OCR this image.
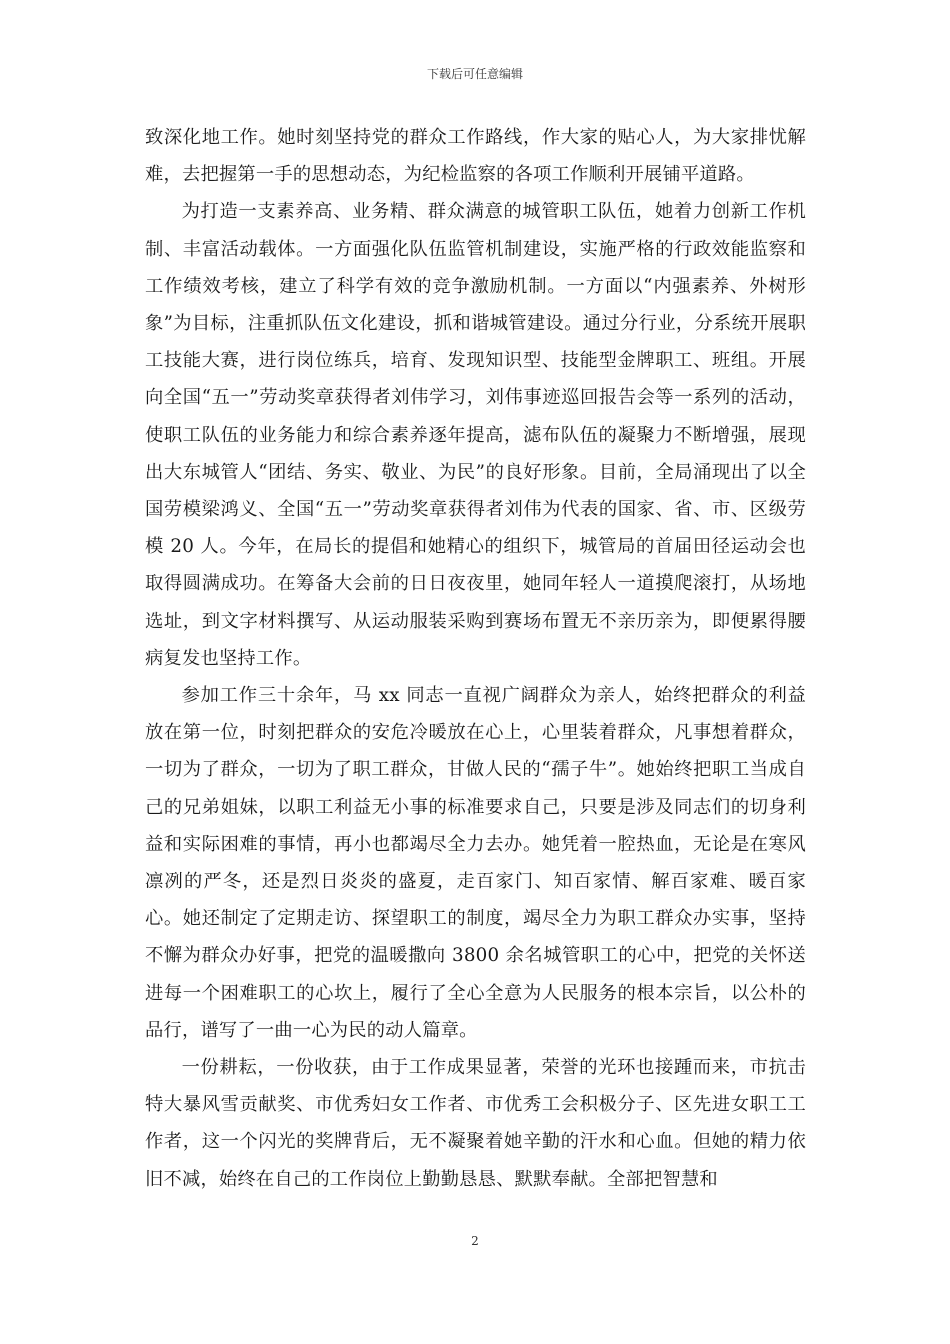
下载后可任意编辑

致深化地工作。她时刻坚持党的群众工作路线，作大家的贴心人，为大家排忧解难，去把握第一手的思想动态，为纪检监察的各项工作顺利开展铺平道路。

为打造一支素养高、业务精、群众满意的城管职工队伍，她着力创新工作机制、丰富活动载体。一方面强化队伍监管机制建设，实施严格的行政效能监察和工作绩效考核，建立了科学有效的竞争激励机制。一方面以“内强素养、外树形象”为目标，注重抓队伍文化建设，抓和谐城管建设。通过分行业，分系统开展职工技能大赛，进行岗位练兵，培育、发现知识型、技能型金牌职工、班组。开展向全国“五一”劳动奖章获得者刘伟学习，刘伟事迹巡回报告会等一系列的活动，使职工队伍的业务能力和综合素养逐年提高，滤布队伍的凝聚力不断增强，展现出大东城管人“团结、务实、敬业、为民”的良好形象。目前，全局涌现出了以全国劳模梁鸿义、全国“五一”劳动奖章获得者刘伟为代表的国家、省、市、区级劳模 20 人。今年，在局长的提倡和她精心的组织下，城管局的首届田径运动会也取得圆满成功。在筹备大会前的日日夜夜里，她同年轻人一道摸爬滚打，从场地选址，到文字材料撰写、从运动服装采购到赛场布置无不亲历亲为，即便累得腰病复发也坚持工作。

参加工作三十余年，马 xx 同志一直视广阔群众为亲人，始终把群众的利益放在第一位，时刻把群众的安危冷暖放在心上，心里装着群众，凡事想着群众，一切为了群众，一切为了职工群众，甘做人民的“孺子牛”。她始终把职工当成自己的兄弟姐妹，以职工利益无小事的标准要求自己，只要是涉及同志们的切身利益和实际困难的事情，再小也都竭尽全力去办。她凭着一腔热血，无论是在寒风凛冽的严冬，还是烈日炎炎的盛夏，走百家门、知百家情、解百家难、暖百家心。她还制定了定期走访、探望职工的制度，竭尽全力为职工群众办实事，坚持不懈为群众办好事，把党的温暖撒向 3800 余名城管职工的心中，把党的关怀送进每一个困难职工的心坎上，履行了全心全意为人民服务的根本宗旨，以公朴的品行，谱写了一曲一心为民的动人篇章。

一份耕耘，一份收获，由于工作成果显著，荣誉的光环也接踵而来，市抗击特大暴风雪贡献奖、市优秀妇女工作者、市优秀工会积极分子、区先进女职工工作者，这一个闪光的奖牌背后，无不凝聚着她辛勤的汗水和心血。但她的精力依旧不减，始终在自己的工作岗位上勤勤恳恳、默默奉献。全部把智慧和

2
